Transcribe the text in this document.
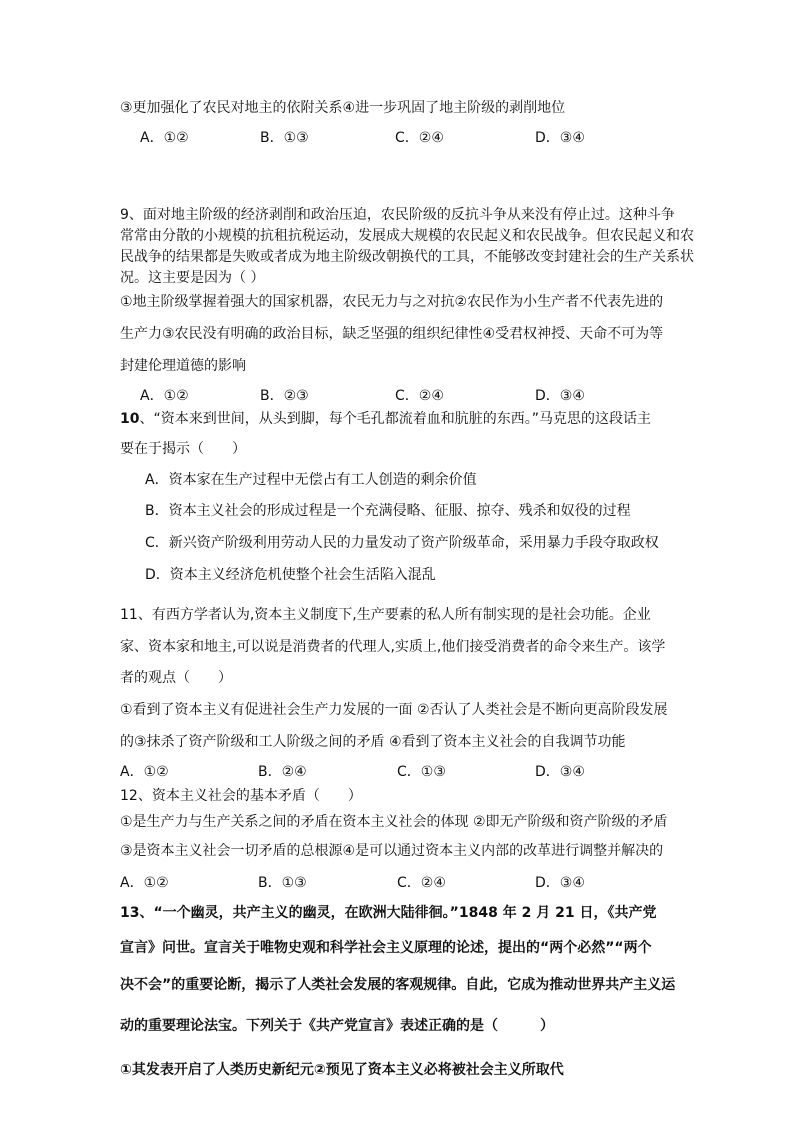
③更加强化了农民对地主的依附关系④进一步巩固了地主阶级的剥削地位
A．①②	B．①③	C．②④	D．③④
9、面对地主阶级的经济剥削和政治压迫，农民阶级的反抗斗争从来没有停止过。这种斗争
常常由分散的小规模的抗租抗税运动，发展成大规模的农民起义和农民战争。但农民起义和农
民战争的结果都是失败或者成为地主阶级改朝换代的工具，不能够改变封建社会的生产关系状
况。这主要是因为（ ）
①地主阶级掌握着强大的国家机器，农民无力与之对抗②农民作为小生产者不代表先进的
生产力③农民没有明确的政治目标，缺乏坚强的组织纪律性④受君权神授、天命不可为等
封建伦理道德的影响
A．①②	B．②③	C．②④	D．③④
10、“资本来到世间，从头到脚，每个毛孔都流着血和肮脏的东西。”马克思的这段话主
要在于揭示（　　）
A．资本家在生产过程中无偿占有工人创造的剩余价值
B．资本主义社会的形成过程是一个充满侵略、征服、掠夺、残杀和奴役的过程
C．新兴资产阶级利用劳动人民的力量发动了资产阶级革命，采用暴力手段夺取政权
D．资本主义经济危机使整个社会生活陷入混乱
11、有西方学者认为,资本主义制度下,生产要素的私人所有制实现的是社会功能。企业
家、资本家和地主,可以说是消费者的代理人,实质上,他们接受消费者的命令来生产。该学
者的观点（　　）
①看到了资本主义有促进社会生产力发展的一面 ②否认了人类社会是不断向更高阶段发展
的③抹杀了资产阶级和工人阶级之间的矛盾 ④看到了资本主义社会的自我调节功能
A．①②	B．②④	C．①③	D．③④
12、资本主义社会的基本矛盾（　　）
①是生产力与生产关系之间的矛盾在资本主义社会的体现 ②即无产阶级和资产阶级的矛盾
③是资本主义社会一切矛盾的总根源④是可以通过资本主义内部的改革进行调整并解决的
A．①②	B．①③	C．②④	D．③④
13、“一个幽灵，共产主义的幽灵，在欧洲大陆徘徊。”1848 年 2 月 21 日，《共产党
宣言》问世。宣言关于唯物史观和科学社会主义原理的论述，提出的“两个必然”“两个
决不会”的重要论断，揭示了人类社会发展的客观规律。自此，它成为推动世界共产主义运
动的重要理论法宝。下列关于《共产党宣言》表述正确的是（　　　）
①其发表开启了人类历史新纪元②预见了资本主义必将被社会主义所取代
